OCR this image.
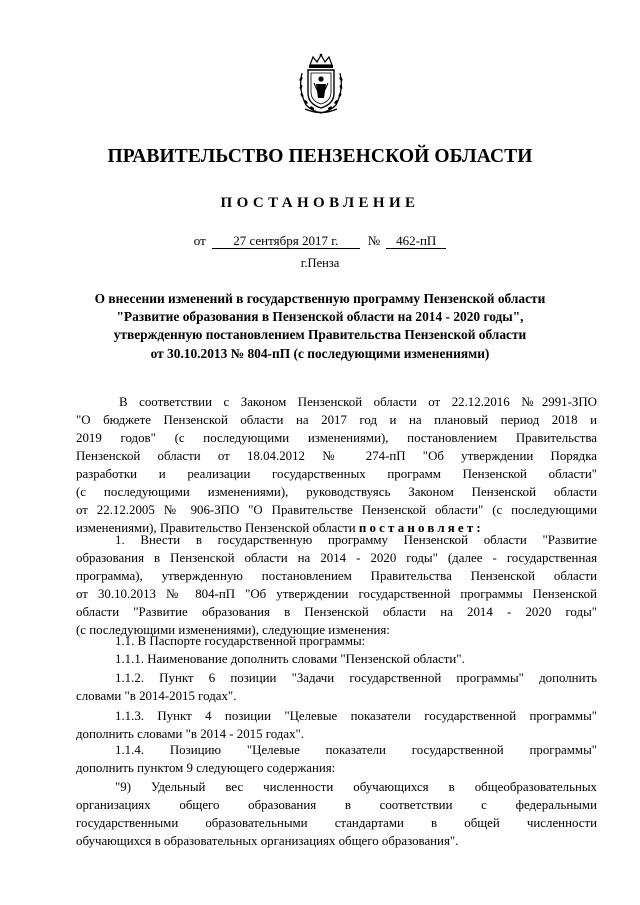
ПРАВИТЕЛЬСТВО ПЕНЗЕНСКОЙ ОБЛАСТИ
ПОСТАНОВЛЕНИЕ
от 27 сентября 2017 г. № 462-пП
г.Пенза
О внесении изменений в государственную программу Пензенской области
"Развитие образования в Пензенской области на 2014 - 2020 годы",
утвержденную постановлением Правительства Пензенской области
от 30.10.2013 № 804-пП (с последующими изменениями)
В соответствии с Законом Пензенской области от 22.12.2016 №2991-ЗПО
"О бюджете Пензенской области на 2017 год и на плановый период 2018 и
2019 годов" (с последующими изменениями), постановлением Правительства
Пензенской области от 18.04.2012 № 274-пП "Об утверждении Порядка
разработки и реализации государственных программ Пензенской области"
(с последующими изменениями), руководствуясь Законом Пензенской области
от 22.12.2005 № 906-ЗПО "О Правительстве Пензенской области" (с последующими
изменениями), Правительство Пензенской области постановляет:
1. Внести в государственную программу Пензенской области "Развитие
образования в Пензенской области на 2014 - 2020 годы" (далее - государственная
программа), утвержденную постановлением Правительства Пензенской области
от 30.10.2013 № 804-пП "Об утверждении государственной программы Пензенской
области "Развитие образования в Пензенской области на 2014 - 2020 годы"
(с последующими изменениями), следующие изменения:
1.1. В Паспорте государственной программы:
1.1.1. Наименование дополнить словами "Пензенской области".
1.1.2. Пункт 6 позиции "Задачи государственной программы" дополнить
словами "в 2014-2015 годах".
1.1.3. Пункт 4 позиции "Целевые показатели государственной программы"
дополнить словами "в 2014 - 2015 годах".
1.1.4. Позицию "Целевые показатели государственной программы"
дополнить пунктом 9 следующего содержания:
"9) Удельный вес численности обучающихся в общеобразовательных
организациях общего образования в соответствии с федеральными
государственными образовательными стандартами в общей численности
обучающихся в образовательных организациях общего образования".
